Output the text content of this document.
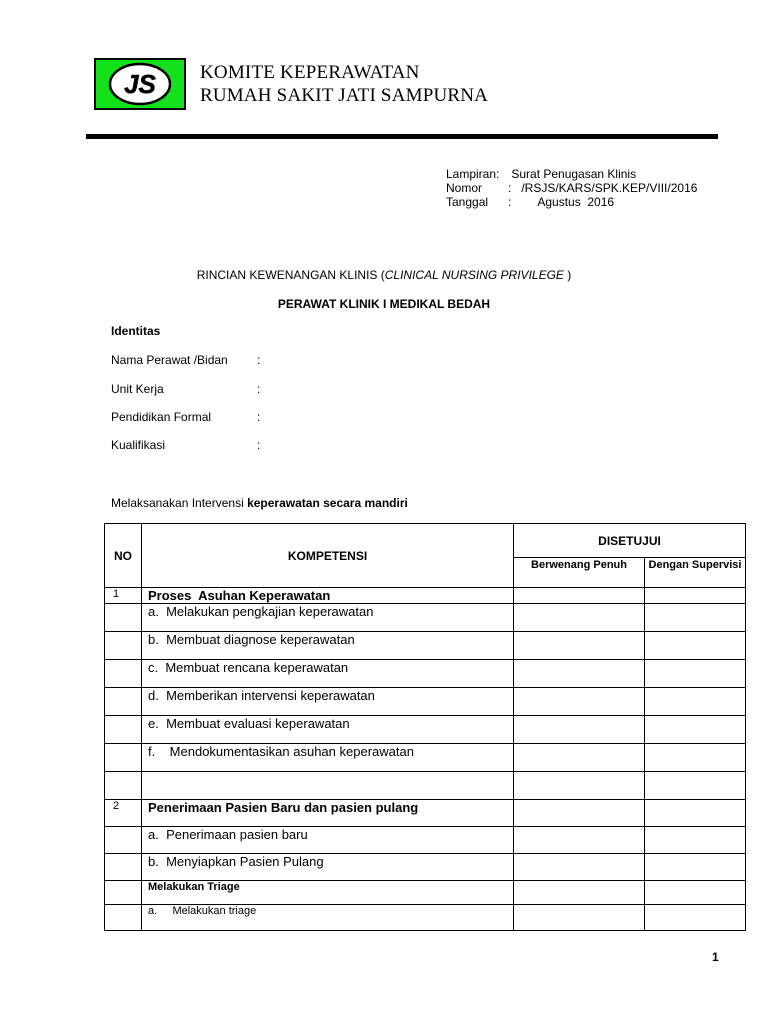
JS KOMITE KEPERAWATAN
RUMAH SAKIT JATI SAMPURNA
Lampiran: Surat Penugasan Klinis
Nomor :   /RSJS/KARS/SPK.KEP/VIII/2016
Tanggal :        Agustus  2016
RINCIAN KEWENANGAN KLINIS (CLINICAL NURSING PRIVILEGE )
PERAWAT KLINIK I MEDIKAL BEDAH
Identitas
Nama Perawat /Bidan :
Unit Kerja	:
Pendidikan Formal	:
Kualifikasi	:
Melaksanakan Intervensi keperawatan secara mandiri
NO	KOMPETENSI	DISETUJUI	
		Berwenang Penuh	Dengan Supervisi
1	Proses  Asuhan Keperawatan		
	a.  Melakukan pengkajian keperawatan		
	b.  Membuat diagnose keperawatan		
	c.  Membuat rencana keperawatan		
	d.  Memberikan intervensi keperawatan		
	e.  Membuat evaluasi keperawatan		
	f.    Mendokumentasikan asuhan keperawatan		

2	Penerimaan Pasien Baru dan pasien pulang		
	a.  Penerimaan pasien baru		
	b.  Menyiapkan Pasien Pulang		
	Melakukan Triage		
	a.     Melakukan triage		
1
